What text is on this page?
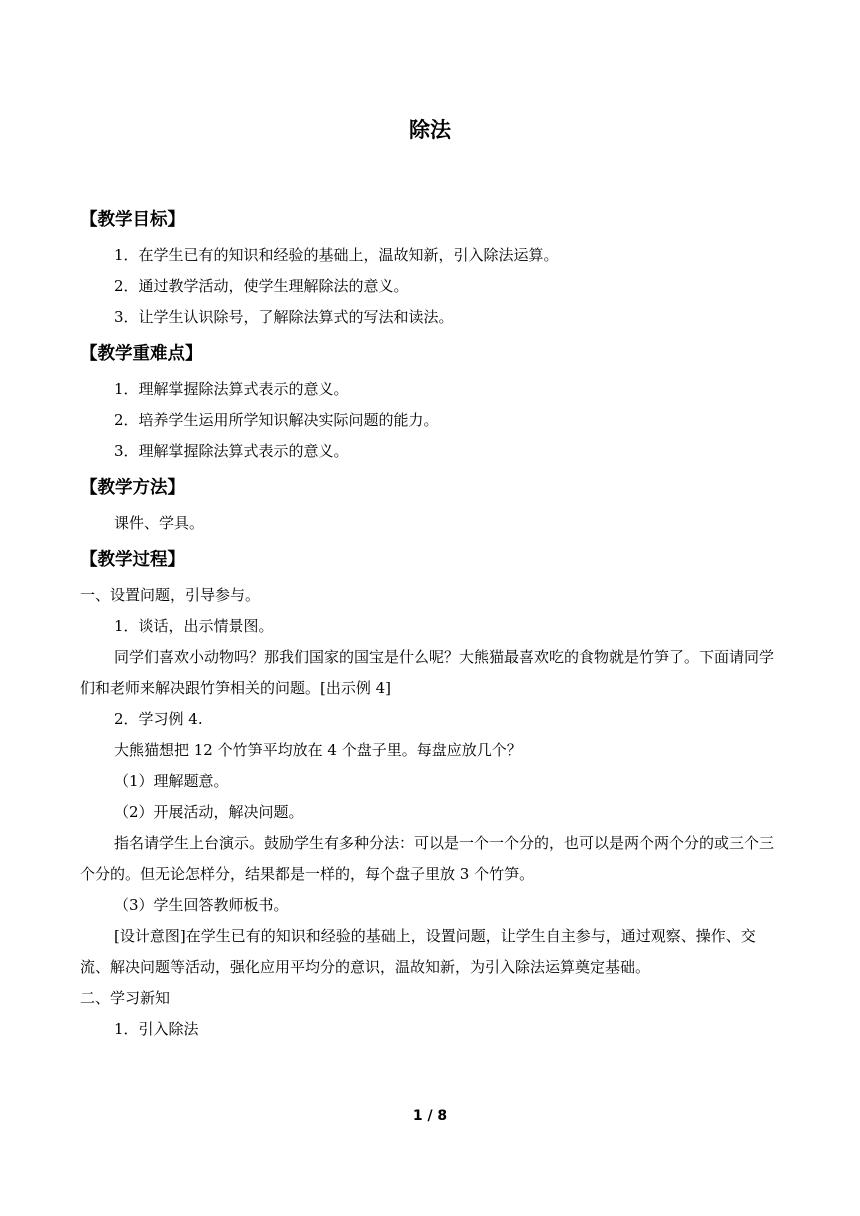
除法
【教学目标】
1．在学生已有的知识和经验的基础上，温故知新，引入除法运算。
2．通过教学活动，使学生理解除法的意义。
3．让学生认识除号，了解除法算式的写法和读法。
【教学重难点】
1．理解掌握除法算式表示的意义。
2．培养学生运用所学知识解决实际问题的能力。
3．理解掌握除法算式表示的意义。
【教学方法】
课件、学具。
【教学过程】
一、设置问题，引导参与。
1．谈话，出示情景图。
同学们喜欢小动物吗？那我们国家的国宝是什么呢？大熊猫最喜欢吃的食物就是竹笋了。下面请同学们和老师来解决跟竹笋相关的问题。[出示例 4]
2．学习例 4.
大熊猫想把 12 个竹笋平均放在 4 个盘子里。每盘应放几个？
（1）理解题意。
（2）开展活动，解决问题。
指名请学生上台演示。鼓励学生有多种分法：可以是一个一个分的，也可以是两个两个分的或三个三个分的。但无论怎样分，结果都是一样的，每个盘子里放 3 个竹笋。
（3）学生回答教师板书。
[设计意图]在学生已有的知识和经验的基础上，设置问题，让学生自主参与，通过观察、操作、交流、解决问题等活动，强化应用平均分的意识，温故知新，为引入除法运算奠定基础。
二、学习新知
1．引入除法
1 / 8
